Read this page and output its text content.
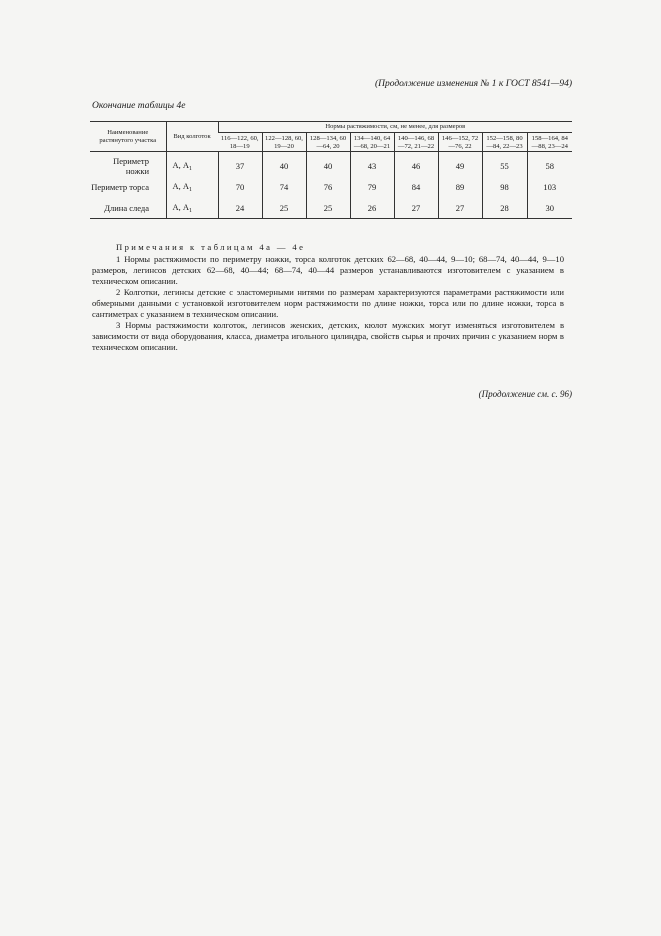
(Продолжение изменения № 1 к ГОСТ 8541—94)
Окончание таблицы 4е
Наименование растянутого участка	Вид колготок	Нормы растяжимости, см, не менее, для размеров							
		116—122, 60, 18—19	122—128, 60, 19—20	128—134, 60—64, 20	134—140, 64—68, 20—21	140—146, 68—72, 21—22	146—152, 72—76, 22	152—158, 80—84, 22—23	158—164, 84—88, 23—24
Периметр ножки	А, $А_1$	37	40	40	43	46	49	55	58
Периметр торса	А, $А_1$	70	74	76	79	84	89	98	103
Длина следа	А, $А_1$	24	25	25	26	27	27	28	30

Примечания к таблицам 4а — 4е

1 Нормы растяжимости по периметру ножки, торса колготок детских 62—68, 40—44, 9—10; 68—74, 40—44, 9—10 размеров, легинсов детских 62—68, 40—44; 68—74, 40—44 размеров устанавливаются изготовителем с указанием в техническом описании.

2 Колготки, легинсы детские с эластомерными нитями по размерам характеризуются параметрами растяжимости или обмерными данными с установкой изготовителем норм растяжимости по длине ножки, торса или по длине ножки, торса в сантиметрах с указанием в техническом описании.

3 Нормы растяжимости колготок, легинсов женских, детских, кюлот мужских могут изменяться изготовителем в зависимости от вида оборудования, класса, диаметра игольного цилиндра, свойств сырья и прочих причин с указанием норм в техническом описании.

(Продолжение см. с. 96)
